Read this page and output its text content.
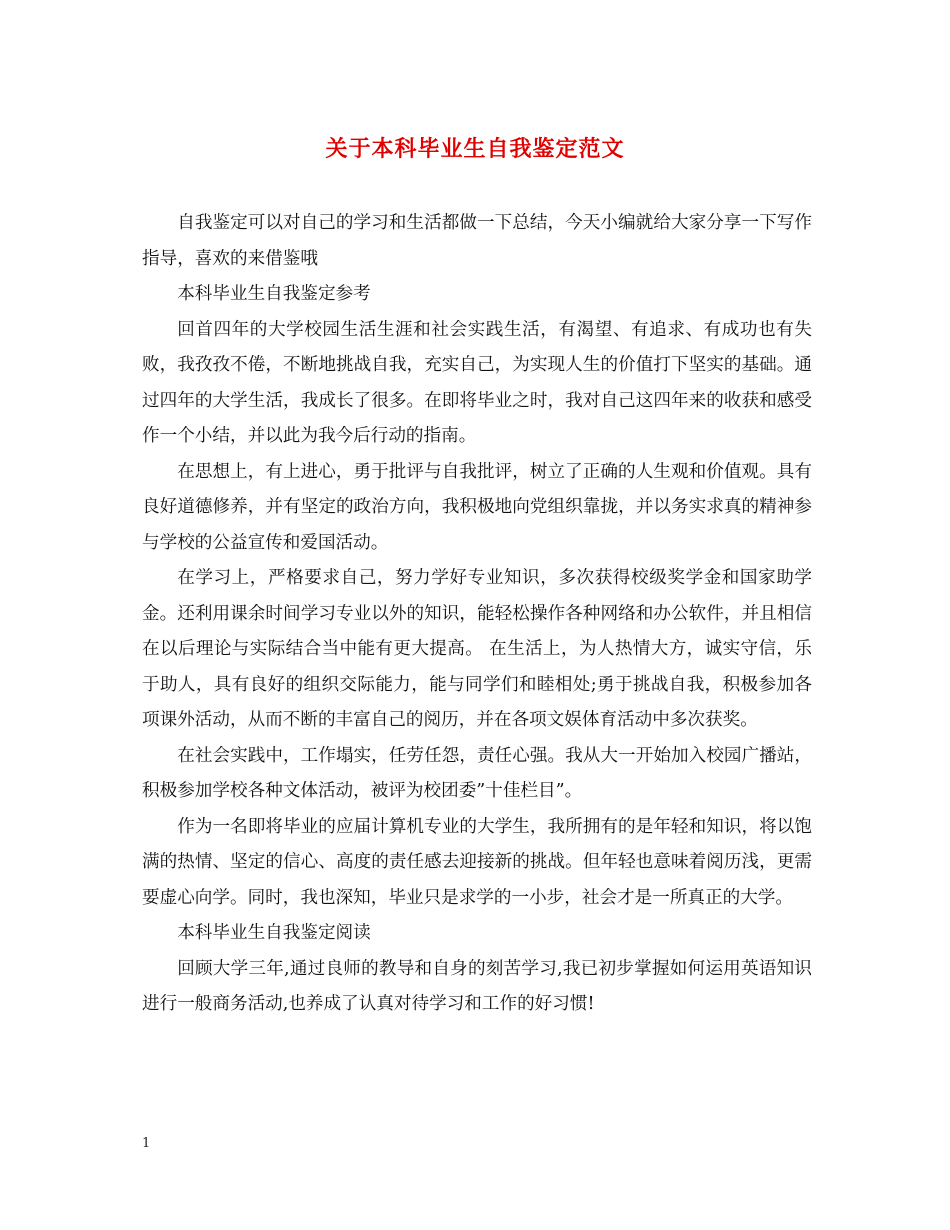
关于本科毕业生自我鉴定范文

自我鉴定可以对自己的学习和生活都做一下总结，今天小编就给大家分享一下写作指导，喜欢的来借鉴哦

本科毕业生自我鉴定参考

回首四年的大学校园生活生涯和社会实践生活，有渴望、有追求、有成功也有失败，我孜孜不倦，不断地挑战自我，充实自己，为实现人生的价值打下坚实的基础。通过四年的大学生活，我成长了很多。在即将毕业之时，我对自己这四年来的收获和感受作一个小结，并以此为我今后行动的指南。

在思想上，有上进心，勇于批评与自我批评，树立了正确的人生观和价值观。具有良好道德修养，并有坚定的政治方向，我积极地向党组织靠拢，并以务实求真的精神参与学校的公益宣传和爱国活动。

在学习上，严格要求自己，努力学好专业知识，多次获得校级奖学金和国家助学金。还利用课余时间学习专业以外的知识，能轻松操作各种网络和办公软件，并且相信在以后理论与实际结合当中能有更大提高。 在生活上，为人热情大方，诚实守信，乐于助人，具有良好的组织交际能力，能与同学们和睦相处;勇于挑战自我，积极参加各项课外活动，从而不断的丰富自己的阅历，并在各项文娱体育活动中多次获奖。

在社会实践中，工作塌实，任劳任怨，责任心强。我从大一开始加入校园广播站，积极参加学校各种文体活动，被评为校团委”十佳栏目”。

作为一名即将毕业的应届计算机专业的大学生，我所拥有的是年轻和知识，将以饱满的热情、坚定的信心、高度的责任感去迎接新的挑战。但年轻也意味着阅历浅，更需要虚心向学。同时，我也深知，毕业只是求学的一小步，社会才是一所真正的大学。

本科毕业生自我鉴定阅读

回顾大学三年,通过良师的教导和自身的刻苦学习,我已初步掌握如何运用英语知识进行一般商务活动,也养成了认真对待学习和工作的好习惯!

1
